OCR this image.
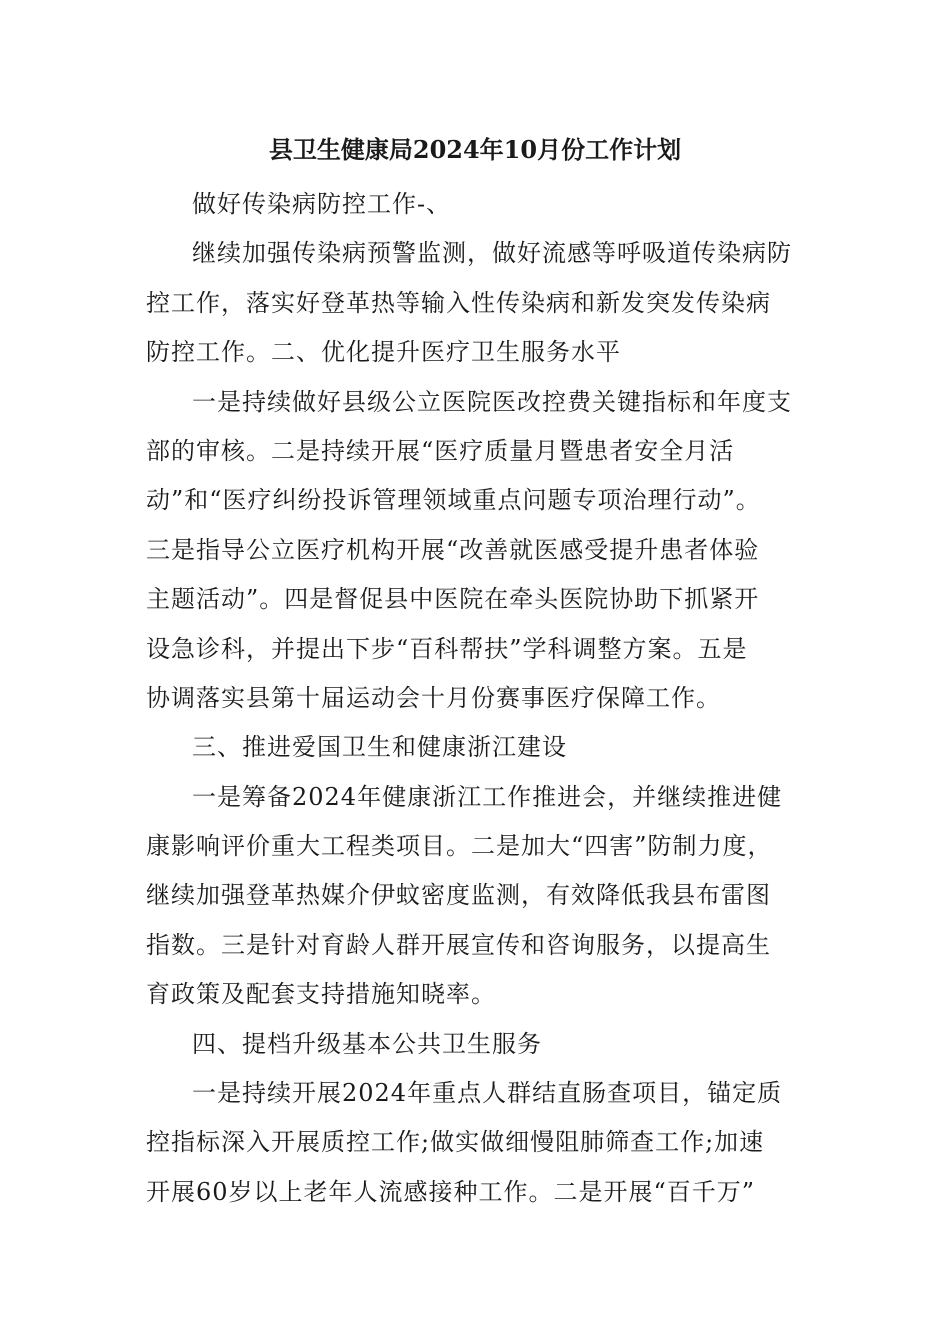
县卫生健康局2024年10月份工作计划
做好传染病防控工作-、
继续加强传染病预警监测，做好流感等呼吸道传染病防
控工作，落实好登革热等输入性传染病和新发突发传染病
防控工作。二、优化提升医疗卫生服务水平
一是持续做好县级公立医院医改控费关键指标和年度支
部的审核。二是持续开展“医疗质量月暨患者安全月活
动”和“医疗纠纷投诉管理领域重点问题专项治理行动”。
三是指导公立医疗机构开展“改善就医感受提升患者体验
主题活动”。四是督促县中医院在牵头医院协助下抓紧开
设急诊科，并提出下步“百科帮扶”学科调整方案。五是
协调落实县第十届运动会十月份赛事医疗保障工作。
三、推进爱国卫生和健康浙江建设
一是筹备2024年健康浙江工作推进会，并继续推进健
康影响评价重大工程类项目。二是加大“四害”防制力度，
继续加强登革热媒介伊蚊密度监测，有效降低我县布雷图
指数。三是针对育龄人群开展宣传和咨询服务，以提高生
育政策及配套支持措施知晓率。
四、提档升级基本公共卫生服务
一是持续开展2024年重点人群结直肠查项目，锚定质
控指标深入开展质控工作;做实做细慢阻肺筛查工作;加速
开展60岁以上老年人流感接种工作。二是开展“百千万”
